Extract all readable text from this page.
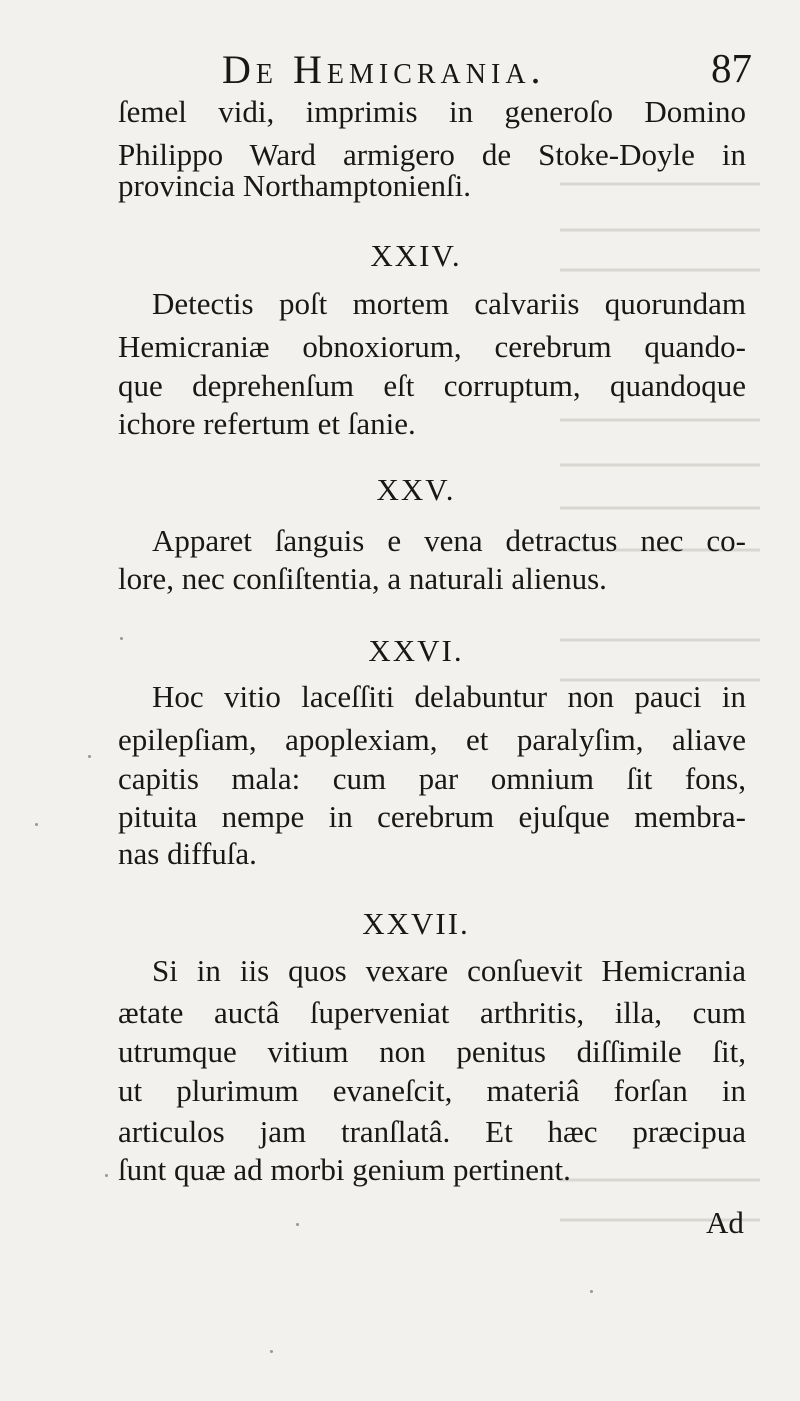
De Hemicrania.	87
ſemel vidi, imprimis in generoſo Domino
Philippo Ward armigero de Stoke-Doyle in
provincia Northamptonienſi.
XXIV.
Detectis poſt mortem calvariis quorundam
Hemicraniæ obnoxiorum, cerebrum quando-
que deprehenſum eſt corruptum, quandoque
ichore refertum et ſanie.
XXV.
Apparet ſanguis e vena detractus nec co-
lore, nec conſiſtentia, a naturali alienus.
XXVI.
Hoc vitio laceſſiti delabuntur non pauci in
epilepſiam, apoplexiam, et paralyſim, aliave
capitis mala: cum par omnium ſit fons,
pituita nempe in cerebrum ejuſque membra-
nas diffuſa.
XXVII.
Si in iis quos vexare conſuevit Hemicrania
ætate auctâ ſuperveniat arthritis, illa, cum
utrumque vitium non penitus diſſimile ſit,
ut plurimum evaneſcit, materiâ forſan in
articulos jam tranſlatâ. Et hæc præcipua
ſunt quæ ad morbi genium pertinent.
Ad
